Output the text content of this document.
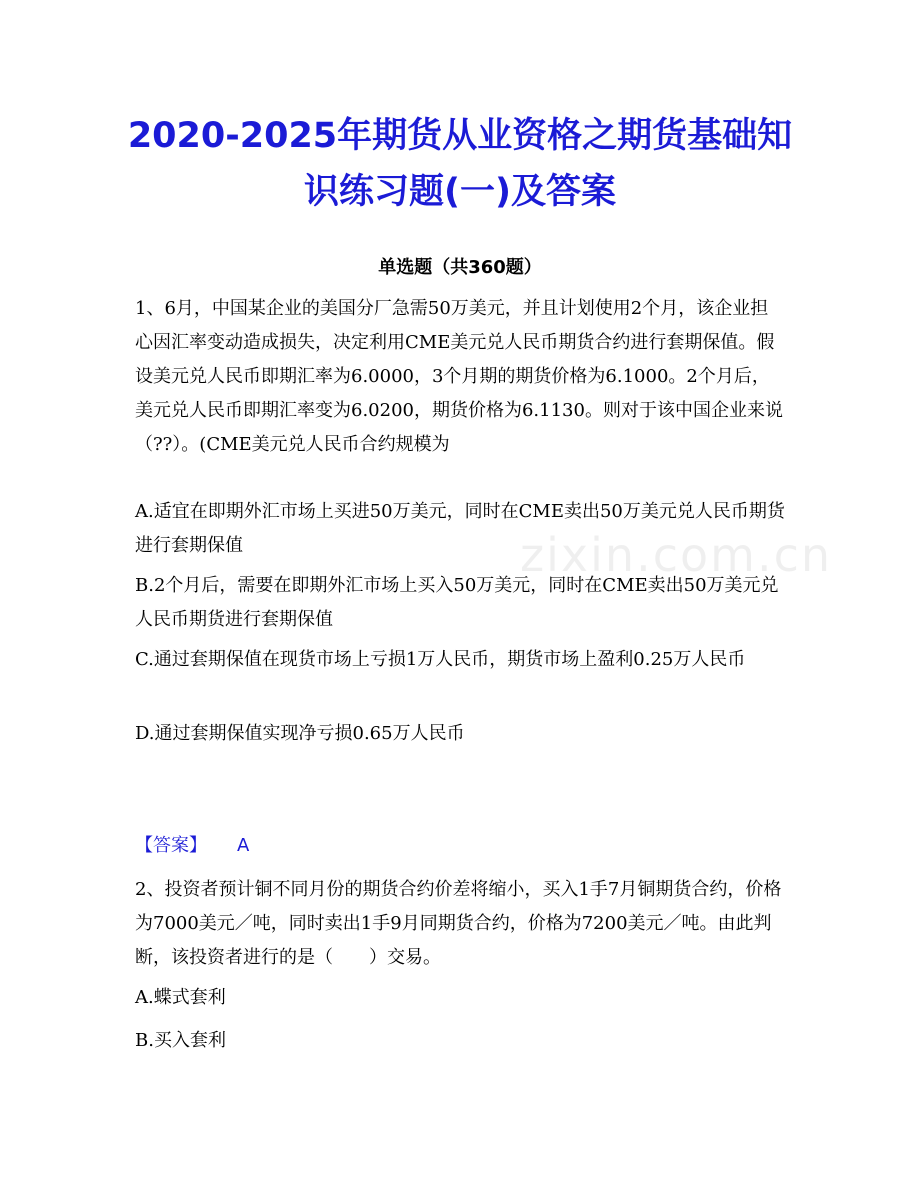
2020-2025年期货从业资格之期货基础知识练习题(一)及答案
单选题（共360题）
1、6月，中国某企业的美国分厂急需50万美元，并且计划使用2个月，该企业担心因汇率变动造成损失，决定利用CME美元兑人民币期货合约进行套期保值。假设美元兑人民币即期汇率为6.0000，3个月期的期货价格为6.1000。2个月后，美元兑人民币即期汇率变为6.0200，期货价格为6.1130。则对于该中国企业来说（??）。(CME美元兑人民币合约规模为
A.适宜在即期外汇市场上买进50万美元，同时在CME卖出50万美元兑人民币期货进行套期保值
B.2个月后，需要在即期外汇市场上买入50万美元，同时在CME卖出50万美元兑人民币期货进行套期保值
C.通过套期保值在现货市场上亏损1万人民币，期货市场上盈利0.25万人民币
D.通过套期保值实现净亏损0.65万人民币
【答案】 A
2、投资者预计铜不同月份的期货合约价差将缩小，买入1手7月铜期货合约，价格为7000美元／吨，同时卖出1手9月同期货合约，价格为7200美元／吨。由此判断，该投资者进行的是（　　）交易。
A.蝶式套利
B.买入套利
zixin.com.cn
